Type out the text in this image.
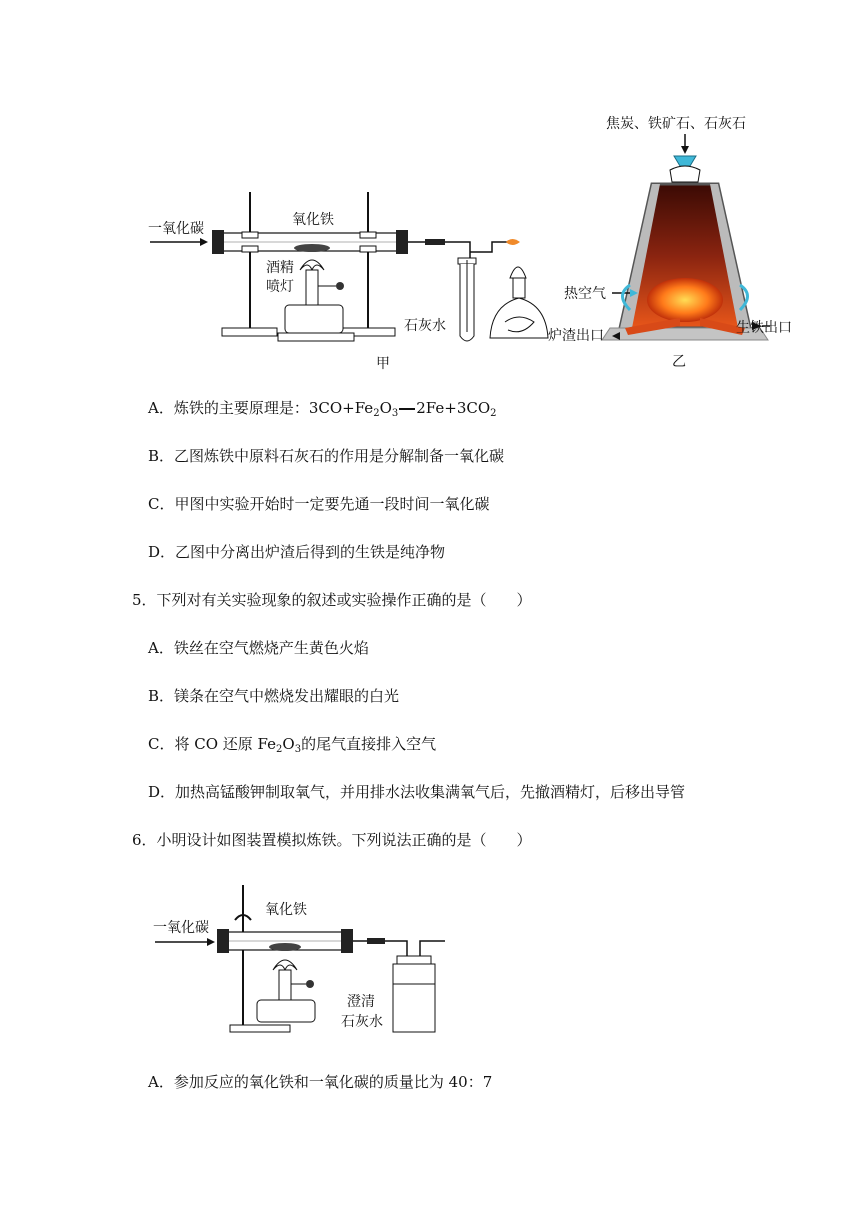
一氧化碳
氧化铁
酒精
喷灯
石灰水
甲
焦炭、铁矿石、石灰石
热空气
炉渣出口	生铁出口
乙
A．炼铁的主要原理是：$3CO+Fe_2O_3$ $2Fe+3CO_2$
B．乙图炼铁中原料石灰石的作用是分解制备一氧化碳
C．甲图中实验开始时一定要先通一段时间一氧化碳
D．乙图中分离出炉渣后得到的生铁是纯净物
5．下列对有关实验现象的叙述或实验操作正确的是（　　）
A．铁丝在空气燃烧产生黄色火焰
B．镁条在空气中燃烧发出耀眼的白光
C．将 CO 还原 $Fe_2O_3$的尾气直接排入空气
D．加热高锰酸钾制取氧气，并用排水法收集满氧气后，先撤酒精灯，后移出导管
6．小明设计如图装置模拟炼铁。下列说法正确的是（　　）
一氧化碳
氧化铁
澄清
石灰水
A．参加反应的氧化铁和一氧化碳的质量比为 40：7
